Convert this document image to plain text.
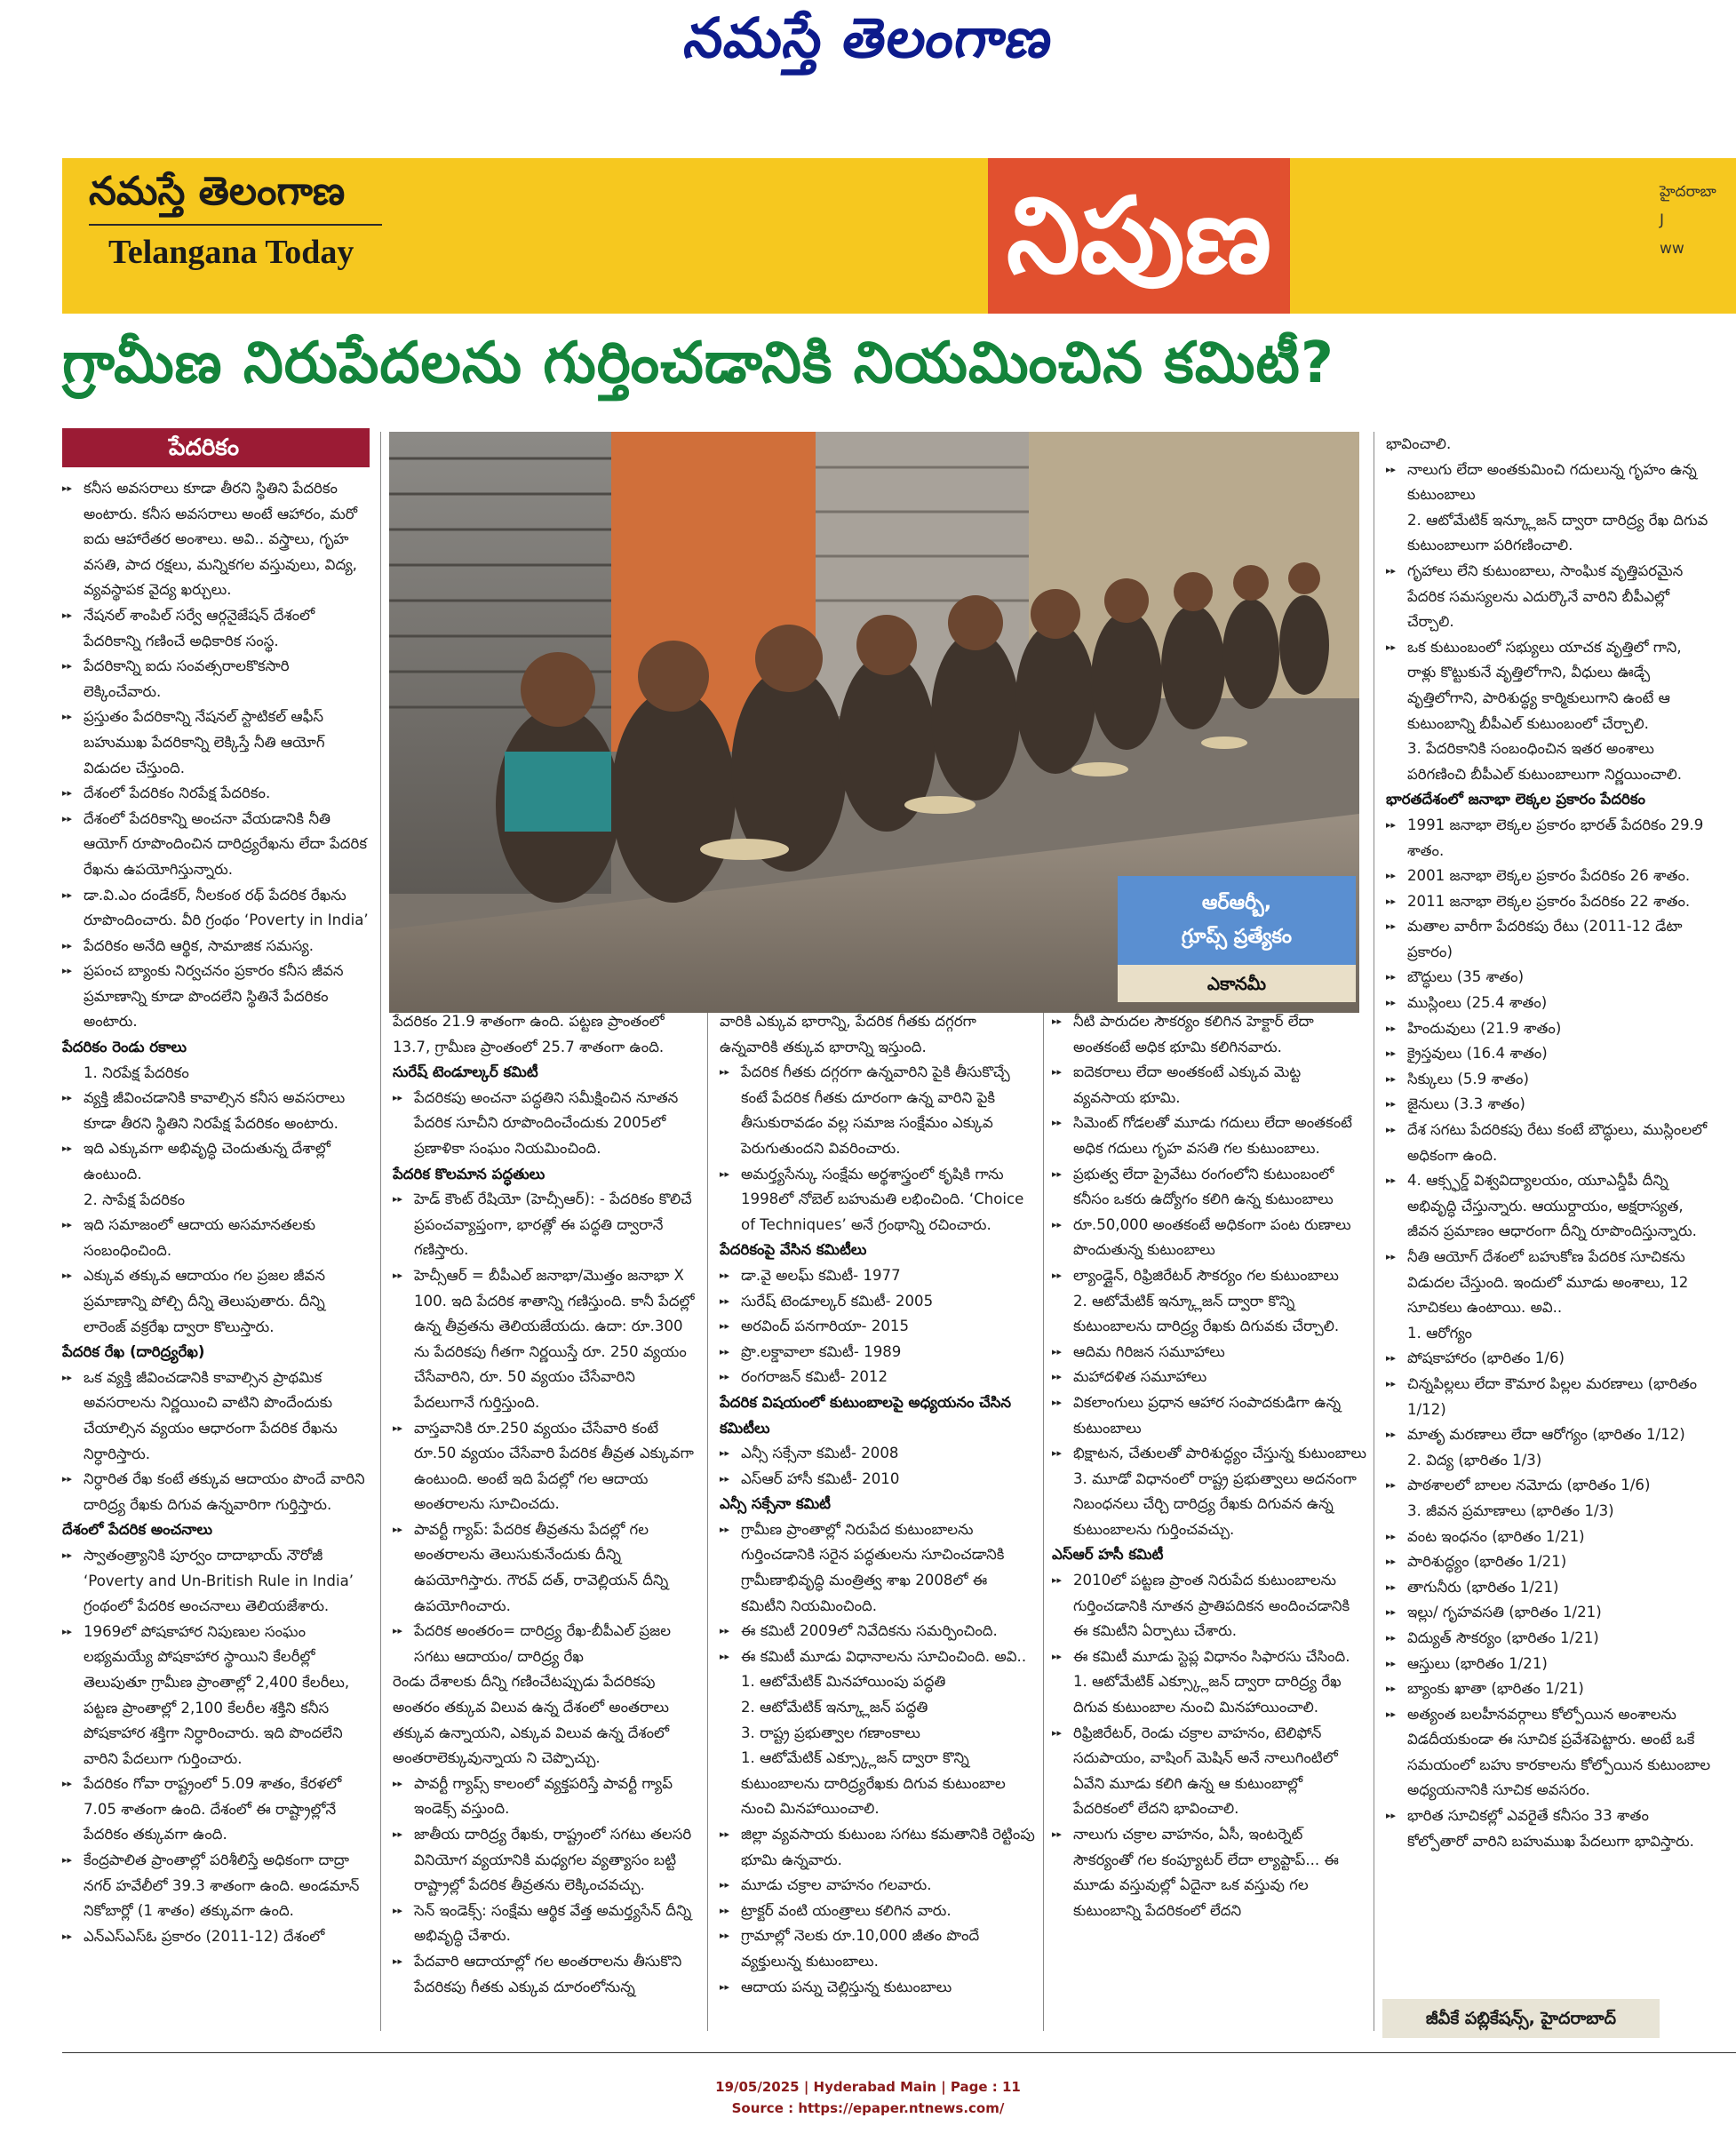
నమస్తే తెలంగాణ
నమస్తే తెలంగాణ
Telangana Today	నిపుణ	హైదరాబా
J
ww
గ్రామీణ నిరుపేదలను గుర్తించడానికి నియమించిన కమిటీ?
పేదరికం
ఆర్ఆర్బీ,
గ్రూప్స్ ప్రత్యేకం
ఎకానమీ

▸▸ కనీస అవసరాలు కూడా తీరని స్థితిని పేదరికం అంటారు. కనీస అవసరాలు అంటే ఆహారం, మరో ఐదు ఆహారేతర అంశాలు. అవి.. వస్త్రాలు, గృహ వసతి, పాద రక్షలు, మన్నికగల వస్తువులు, విద్య, వ్యవస్థాపక వైద్య ఖర్చులు.

▸▸ నేషనల్ శాంపిల్ సర్వే ఆర్గనైజేషన్ దేశంలో పేదరికాన్ని గణించే అధికారిక సంస్థ.

▸▸ పేదరికాన్ని ఐదు సంవత్సరాలకొకసారి లెక్కించేవారు.

▸▸ ప్రస్తుతం పేదరికాన్ని నేషనల్ స్టాటికల్ ఆఫీస్ బహుముఖ పేదరికాన్ని లెక్కిస్తే నీతి ఆయోగ్ విడుదల చేస్తుంది.

▸▸ దేశంలో పేదరికం నిరపేక్ష పేదరికం.

▸▸ దేశంలో పేదరికాన్ని అంచనా వేయడానికి నీతి ఆయోగ్ రూపొందించిన దారిద్ర్యరేఖను లేదా పేదరిక రేఖను ఉపయోగిస్తున్నారు.

▸▸ డా.వి.ఎం దండేకర్, నీలకంఠ రథ్ పేదరిక రేఖను రూపొందించారు. వీరి గ్రంథం ‘Poverty in India’

▸▸ పేదరికం అనేది ఆర్థిక, సామాజిక సమస్య.

▸▸ ప్రపంచ బ్యాంకు నిర్వచనం ప్రకారం కనీస జీవన ప్రమాణాన్ని కూడా పొందలేని స్థితినే పేదరికం అంటారు.

పేదరికం రెండు రకాలు

1. నిరపేక్ష పేదరికం

▸▸ వ్యక్తి జీవించడానికి కావాల్సిన కనీస అవసరాలు కూడా తీరని స్థితిని నిరపేక్ష పేదరికం అంటారు.

▸▸ ఇది ఎక్కువగా అభివృద్ధి చెందుతున్న దేశాల్లో ఉంటుంది.

2. సాపేక్ష పేదరికం

▸▸ ఇది సమాజంలో ఆదాయ అసమానతలకు సంబంధించింది.

▸▸ ఎక్కువ తక్కువ ఆదాయం గల ప్రజల జీవన ప్రమాణాన్ని పోల్చి దీన్ని తెలుపుతారు. దీన్ని లారెంజ్ వక్రరేఖ ద్వారా కొలుస్తారు.

పేదరిక రేఖ (దారిద్ర్యరేఖ)

▸▸ ఒక వ్యక్తి జీవించడానికి కావాల్సిన ప్రాథమిక అవసరాలను నిర్ణయించి వాటిని పొందేందుకు చేయాల్సిన వ్యయం ఆధారంగా పేదరిక రేఖను నిర్ధారిస్తారు.

▸▸ నిర్ధారిత రేఖ కంటే తక్కువ ఆదాయం పొందే వారిని దారిద్ర్య రేఖకు దిగువ ఉన్నవారిగా గుర్తిస్తారు.

దేశంలో పేదరిక అంచనాలు

▸▸ స్వాతంత్ర్యానికి పూర్వం దాదాభాయ్ నౌరోజీ ‘Poverty and Un-British Rule in India’ గ్రంథంలో పేదరిక అంచనాలు తెలియజేశారు.

▸▸ 1969లో పోషకాహార నిపుణుల సంఘం లభ్యమయ్యే పోషకాహార స్థాయిని కేలరీల్లో తెలుపుతూ గ్రామీణ ప్రాంతాల్లో 2,400 కేలరీలు, పట్టణ ప్రాంతాల్లో 2,100 కేలరీల శక్తిని కనీస పోషకాహార శక్తిగా నిర్ధారించారు. ఇది పొందలేని వారిని పేదలుగా గుర్తించారు.

▸▸ పేదరికం గోవా రాష్ట్రంలో 5.09 శాతం, కేరళలో 7.05 శాతంగా ఉంది. దేశంలో ఈ రాష్ట్రాల్లోనే పేదరికం తక్కువగా ఉంది.

▸▸ కేంద్రపాలిత ప్రాంతాల్లో పరిశీలిస్తే అధికంగా దాద్రా నగర్ హవేలీలో 39.3 శాతంగా ఉంది. అండమాన్ నికోబార్లో (1 శాతం) తక్కువగా ఉంది.

▸▸ ఎన్ఎస్ఎస్ఓ ప్రకారం (2011-12) దేశంలో

పేదరికం 21.9 శాతంగా ఉంది. పట్టణ ప్రాంతంలో 13.7, గ్రామీణ ప్రాంతంలో 25.7 శాతంగా ఉంది.

సురేష్ టెండూల్కర్ కమిటీ

▸▸ పేదరికపు అంచనా పద్ధతిని సమీక్షించిన నూతన పేదరిక సూచీని రూపొందించేందుకు 2005లో ప్రణాళికా సంఘం నియమించింది.

పేదరిక కొలమాన పద్ధతులు

▸▸ హెడ్ కౌంట్ రేషియో (హెచ్సీఆర్): - పేదరికం కొలిచే ప్రపంచవ్యాప్తంగా, భారత్లో ఈ పద్ధతి ద్వారానే గణిస్తారు.

▸▸ హెచ్సీఆర్ = బీపీఎల్ జనాభా/మొత్తం జనాభా X 100. ఇది పేదరిక శాతాన్ని గణిస్తుంది. కానీ పేదల్లో ఉన్న తీవ్రతను తెలియజేయదు. ఉదా: రూ.300 ను పేదరికపు గీతగా నిర్ణయిస్తే రూ. 250 వ్యయం చేసేవారిని, రూ. 50 వ్యయం చేసేవారిని పేదలుగానే గుర్తిస్తుంది.

▸▸ వాస్తవానికి రూ.250 వ్యయం చేసేవారి కంటే రూ.50 వ్యయం చేసేవారి పేదరిక తీవ్రత ఎక్కువగా ఉంటుంది. అంటే ఇది పేదల్లో గల ఆదాయ అంతరాలను సూచించదు.

▸▸ పావర్టీ గ్యాప్: పేదరిక తీవ్రతను పేదల్లో గల అంతరాలను తెలుసుకునేందుకు దీన్ని ఉపయోగిస్తారు. గౌరవ్ దత్, రావెల్లియన్ దీన్ని ఉపయోగించారు.

▸▸ పేదరిక అంతరం= దారిద్ర్య రేఖ-బీపీఎల్ ప్రజల సగటు ఆదాయం/ దారిద్ర్య రేఖ

రెండు దేశాలకు దీన్ని గణించేటప్పుడు పేదరికపు అంతరం తక్కువ విలువ ఉన్న దేశంలో అంతరాలు తక్కువ ఉన్నాయని, ఎక్కువ విలువ ఉన్న దేశంలో అంతరాలెక్కువున్నాయ ని చెప్పొచ్చు.

▸▸ పావర్టీ గ్యాప్స్ కాలంలో వ్యక్తపరిస్తే పావర్టీ గ్యాప్ ఇండెక్స్ వస్తుంది.

▸▸ జాతీయ దారిద్ర్య రేఖకు, రాష్ట్రంలో సగటు తలసరి వినియోగ వ్యయానికి మధ్యగల వ్యత్యాసం బట్టి రాష్ట్రాల్లో పేదరిక తీవ్రతను లెక్కించవచ్చు.

▸▸ సెన్ ఇండెక్స్: సంక్షేమ ఆర్థిక వేత్త అమర్త్యసేన్ దీన్ని అభివృద్ధి చేశారు.

▸▸ పేదవారి ఆదాయాల్లో గల అంతరాలను తీసుకొని పేదరికపు గీతకు ఎక్కువ దూరంలోనున్న

వారికి ఎక్కువ భారాన్ని, పేదరిక గీతకు దగ్గరగా ఉన్నవారికి తక్కువ భారాన్ని ఇస్తుంది.

▸▸ పేదరిక గీతకు దగ్గరగా ఉన్నవారిని పైకి తీసుకొచ్చే కంటే పేదరిక గీతకు దూరంగా ఉన్న వారిని పైకి తీసుకురావడం వల్ల సమాజ సంక్షేమం ఎక్కువ పెరుగుతుందని వివరించారు.

▸▸ అమర్త్యసేన్కు సంక్షేమ అర్థశాస్త్రంలో కృషికి గాను 1998లో నోబెల్ బహుమతి లభించింది. ‘Choice of Techniques’ అనే గ్రంథాన్ని రచించారు.

పేదరికంపై వేసిన కమిటీలు

▸▸ డా.వై అలఘ్ కమిటీ- 1977

▸▸ సురేష్ టెండూల్కర్ కమిటీ- 2005

▸▸ అరవింద్ పనగారియా- 2015

▸▸ ప్రొ.లక్డావాలా కమిటీ- 1989

▸▸ రంగరాజన్ కమిటీ- 2012

పేదరిక విషయంలో కుటుంబాలపై అధ్యయనం చేసిన కమిటీలు

▸▸ ఎన్సీ సక్సేనా కమిటీ- 2008

▸▸ ఎస్ఆర్ హాసీ కమిటీ- 2010

ఎన్సీ సక్సేనా కమిటీ

▸▸ గ్రామీణ ప్రాంతాల్లో నిరుపేద కుటుంబాలను గుర్తించడానికి సరైన పద్ధతులను సూచించడానికి గ్రామీణాభివృద్ధి మంత్రిత్వ శాఖ 2008లో ఈ కమిటీని నియమించింది.

▸▸ ఈ కమిటీ 2009లో నివేదికను సమర్పించింది.

▸▸ ఈ కమిటీ మూడు విధానాలను సూచించింది. అవి..

1. ఆటోమేటిక్ మినహాయింపు పద్ధతి

2. ఆటోమేటిక్ ఇన్క్లూజన్ పద్ధతి

3. రాష్ట్ర ప్రభుత్వాల గణాంకాలు

1. ఆటోమేటిక్ ఎక్స్క్లూజన్ ద్వారా కొన్ని కుటుంబాలను దారిద్ర్యరేఖకు దిగువ కుటుంబాల నుంచి మినహాయించాలి.

▸▸ జిల్లా వ్యవసాయ కుటుంబ సగటు కమతానికి రెట్టింపు భూమి ఉన్నవారు.

▸▸ మూడు చక్రాల వాహనం గలవారు.

▸▸ ట్రాక్టర్ వంటి యంత్రాలు కలిగిన వారు.

▸▸ గ్రామాల్లో నెలకు రూ.10,000 జీతం పొందే వ్యక్తులున్న కుటుంబాలు.

▸▸ ఆదాయ పన్ను చెల్లిస్తున్న కుటుంబాలు

▸▸ నీటి పారుదల సౌకర్యం కలిగిన హెక్టార్ లేదా అంతకంటే అధిక భూమి కలిగినవారు.

▸▸ ఐదెకరాలు లేదా అంతకంటే ఎక్కువ మెట్ట వ్యవసాయ భూమి.

▸▸ సిమెంట్ గోడలతో మూడు గదులు లేదా అంతకంటే అధిక గదులు గృహ వసతి గల కుటుంబాలు.

▸▸ ప్రభుత్వ లేదా ప్రైవేటు రంగంలోని కుటుంబంలో కనీసం ఒకరు ఉద్యోగం కలిగి ఉన్న కుటుంబాలు

▸▸ రూ.50,000 అంతకంటే అధికంగా పంట రుణాలు పొందుతున్న కుటుంబాలు

▸▸ ల్యాండ్లైన్, రిఫ్రిజిరేటర్ సౌకర్యం గల కుటుంబాలు

2. ఆటోమేటిక్ ఇన్క్లూజన్ ద్వారా కొన్ని కుటుంబాలను దారిద్ర్య రేఖకు దిగువకు చేర్చాలి.

▸▸ ఆదిమ గిరిజన సమూహాలు

▸▸ మహాదళిత సమూహాలు

▸▸ వికలాంగులు ప్రధాన ఆహార సంపాదకుడిగా ఉన్న కుటుంబాలు

▸▸ భిక్షాటన, చేతులతో పారిశుద్ధ్యం చేస్తున్న కుటుంబాలు

3. మూడో విధానంలో రాష్ట్ర ప్రభుత్వాలు అదనంగా నిబంధనలు చేర్చి దారిద్ర్య రేఖకు దిగువన ఉన్న కుటుంబాలను గుర్తించవచ్చు.

ఎస్ఆర్ హసీ కమిటీ

▸▸ 2010లో పట్టణ ప్రాంత నిరుపేద కుటుంబాలను గుర్తించడానికి నూతన ప్రాతిపదికన అందించడానికి ఈ కమిటీని ఏర్పాటు చేశారు.

▸▸ ఈ కమిటీ మూడు స్టెప్ల విధానం సిఫారసు చేసింది.

1. ఆటోమేటిక్ ఎక్స్క్లూజన్ ద్వారా దారిద్ర్య రేఖ దిగువ కుటుంబాల నుంచి మినహాయించాలి.

▸▸ రిఫ్రిజిరేటర్, రెండు చక్రాల వాహనం, టెలిఫోన్ సదుపాయం, వాషింగ్ మెషిన్ అనే నాలుగింటిలో ఏవేని మూడు కలిగి ఉన్న ఆ కుటుంబాల్లో పేదరికంలో లేదని భావించాలి.

▸▸ నాలుగు చక్రాల వాహనం, ఏసీ, ఇంటర్నెట్ సౌకర్యంతో గల కంప్యూటర్ లేదా ల్యాప్టాప్... ఈ మూడు వస్తువుల్లో ఏదైనా ఒక వస్తువు గల కుటుంబాన్ని పేదరికంలో లేదని

భావించాలి.

▸▸ నాలుగు లేదా అంతకుమించి గదులున్న గృహం ఉన్న కుటుంబాలు

2. ఆటోమేటిక్ ఇన్క్లూజన్ ద్వారా దారిద్ర్య రేఖ దిగువ కుటుంబాలుగా పరిగణించాలి.

▸▸ గృహాలు లేని కుటుంబాలు, సాంఘిక వృత్తిపరమైన పేదరిక సమస్యలను ఎదుర్కొనే వారిని బీపీఎల్లో చేర్చాలి.

▸▸ ఒక కుటుంబంలో సభ్యులు యాచక వృత్తిలో గాని, రాళ్లు కొట్టుకునే వృత్తిలోగాని, వీధులు ఊడ్చే వృత్తిలోగాని, పారిశుద్ధ్య కార్మికులుగాని ఉంటే ఆ కుటుంబాన్ని బీపీఎల్ కుటుంబంలో చేర్చాలి.

3. పేదరికానికి సంబంధించిన ఇతర అంశాలు పరిగణించి బీపీఎల్ కుటుంబాలుగా నిర్ణయించాలి.

భారతదేశంలో జనాభా లెక్కల ప్రకారం పేదరికం

▸▸ 1991 జనాభా లెక్కల ప్రకారం భారత్ పేదరికం 29.9 శాతం.

▸▸ 2001 జనాభా లెక్కల ప్రకారం పేదరికం 26 శాతం.

▸▸ 2011 జనాభా లెక్కల ప్రకారం పేదరికం 22 శాతం.

▸▸ మతాల వారీగా పేదరికపు రేటు (2011-12 డేటా ప్రకారం)

▸▸ బౌద్ధులు (35 శాతం)

▸▸ ముస్లింలు (25.4 శాతం)

▸▸ హిందువులు (21.9 శాతం)

▸▸ క్రైస్తవులు (16.4 శాతం)

▸▸ సిక్కులు (5.9 శాతం)

▸▸ జైనులు (3.3 శాతం)

▸▸ దేశ సగటు పేదరికపు రేటు కంటే బౌద్ధులు, ముస్లింలలో అధికంగా ఉంది.

▸▸ 4. ఆక్స్ఫర్డ్ విశ్వవిద్యాలయం, యూఎన్డీపీ దీన్ని అభివృద్ధి చేస్తున్నారు. ఆయుర్దాయం, అక్షరాస్యత, జీవన ప్రమాణం ఆధారంగా దీన్ని రూపొందిస్తున్నారు.

▸▸ నీతి ఆయోగ్ దేశంలో బహుకోణ పేదరిక సూచికను విడుదల చేస్తుంది. ఇందులో మూడు అంశాలు, 12 సూచికలు ఉంటాయి. అవి..

1. ఆరోగ్యం

▸▸ పోషకాహారం (భారితం 1/6)

▸▸ చిన్నపిల్లలు లేదా కౌమార పిల్లల మరణాలు (భారితం 1/12)

▸▸ మాతృ మరణాలు లేదా ఆరోగ్యం (భారితం 1/12)

2. విద్య (భారితం 1/3)

▸▸ పాఠశాలలో బాలల నమోదు (భారితం 1/6)

3. జీవన ప్రమాణాలు (భారితం 1/3)

▸▸ వంట ఇంధనం (భారితం 1/21)

▸▸ పారిశుద్ధ్యం (భారితం 1/21)

▸▸ తాగునీరు (భారితం 1/21)

▸▸ ఇల్లు/ గృహవసతి (భారితం 1/21)

▸▸ విద్యుత్ సౌకర్యం (భారితం 1/21)

▸▸ ఆస్తులు (భారితం 1/21)

▸▸ బ్యాంకు ఖాతా (భారితం 1/21)

▸▸ అత్యంత బలహీనవర్గాలు కోల్పోయిన అంశాలను విడదీయకుండా ఈ సూచిక ప్రవేశపెట్టారు. అంటే ఒకే సమయంలో బహు కారకాలను కోల్పోయిన కుటుంబాల అధ్యయనానికి సూచిక అవసరం.

▸▸ భారిత సూచికల్లో ఎవరైతే కనీసం 33 శాతం కోల్పోతారో వారిని బహుముఖ పేదలుగా భావిస్తారు.

జీవీకే పబ్లికేషన్స్, హైదరాబాద్
19/05/2025 | Hyderabad Main | Page : 11
Source : https://epaper.ntnews.com/
